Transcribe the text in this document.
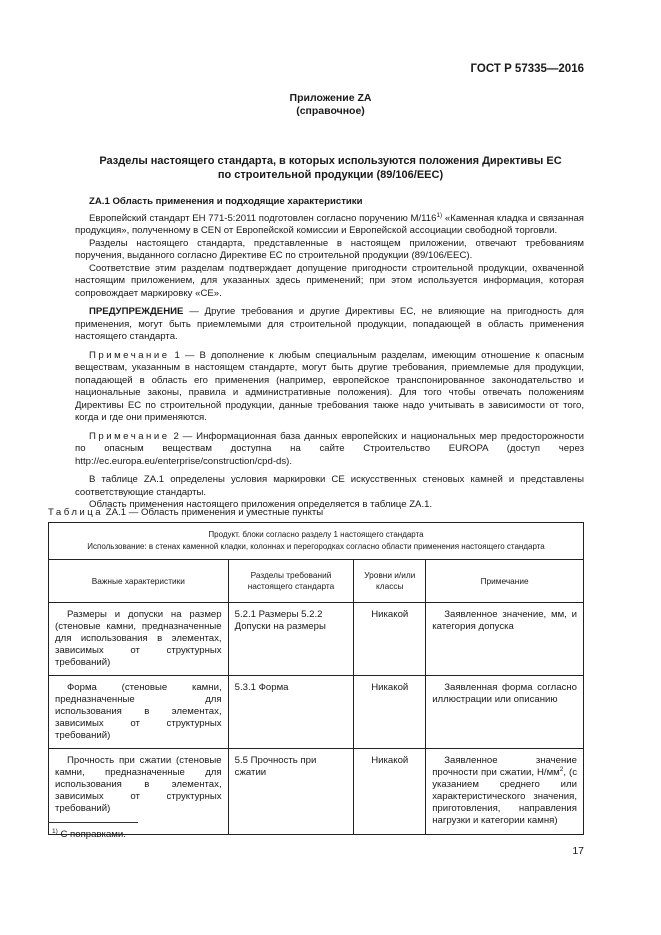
ГОСТ Р 57335—2016
Приложение ZA
(справочное)
Разделы настоящего стандарта, в которых используются положения Директивы ЕС
по строительной продукции (89/106/EEC)

ZA.1 Область применения и подходящие характеристики

Европейский стандарт ЕН 771-5:2011 подготовлен согласно поручению М/116$^{1)}$ «Каменная кладка и связанная продукция», полученному в CEN от Европейской комиссии и Европейской ассоциации свободной торговли.

Разделы настоящего стандарта, представленные в настоящем приложении, отвечают требованиям поручения, выданного согласно Директиве ЕС по строительной продукции (89/106/EEC).

Соответствие этим разделам подтверждает допущение пригодности строительной продукции, охваченной настоящим приложением, для указанных здесь применений; при этом используется информация, которая сопровождает маркировку «CE».

ПРЕДУПРЕЖДЕНИЕ — Другие требования и другие Директивы ЕС, не влияющие на пригодность для применения, могут быть приемлемыми для строительной продукции, попадающей в область применения настоящего стандарта.

Примечание 1 — В дополнение к любым специальным разделам, имеющим отношение к опасным веществам, указанным в настоящем стандарте, могут быть другие требования, приемлемые для продукции, попадающей в область его применения (например, европейское транспонированное законодательство и национальные законы, правила и административные положения). Для того чтобы отвечать положениям Директивы ЕС по строительной продукции, данные требования также надо учитывать в зависимости от того, когда и где они применяются.

Примечание 2 — Информационная база данных европейских и национальных мер предосторожности по опасным веществам доступна на сайте Строительство EUROPA (доступ через http://ec.europa.eu/enterprise/construction/cpd-ds).

В таблице ZA.1 определены условия маркировки CE искусственных стеновых камней и представлены соответствующие стандарты.

Область применения настоящего приложения определяется в таблице ZA.1.

Таблица ZA.1 — Область применения и уместные пункты
Продукт. блоки согласно разделу 1 настоящего стандарта
Использование: в стенах каменной кладки, колоннах и перегородках согласно области применения настоящего стандарта			

Важные характеристики	Разделы требований настоящего стандарта	Уровни и/или классы	Примечание
Размеры и допуски на размер (стеновые камни, предназначенные для использования в элементах, зависимых от структурных требований)	5.2.1 Размеры 5.2.2 Допуски на размеры	Никакой	Заявленное значение, мм, и категория допуска
Форма (стеновые камни, предназначенные для использования в элементах, зависимых от структурных требований)	5.3.1 Форма	Никакой	Заявленная форма согласно иллюстрации или описанию
Прочность при сжатии (стеновые камни, предназначенные для использования в элементах, зависимых от структурных требований)	5.5 Прочность при сжатии	Никакой	Заявленное значение прочности при сжатии, $Н/мм^2$, (с указанием среднего или характеристического значения, приготовления, направления нагрузки и категории камня)
$^{1)}$ С поправками.
17
